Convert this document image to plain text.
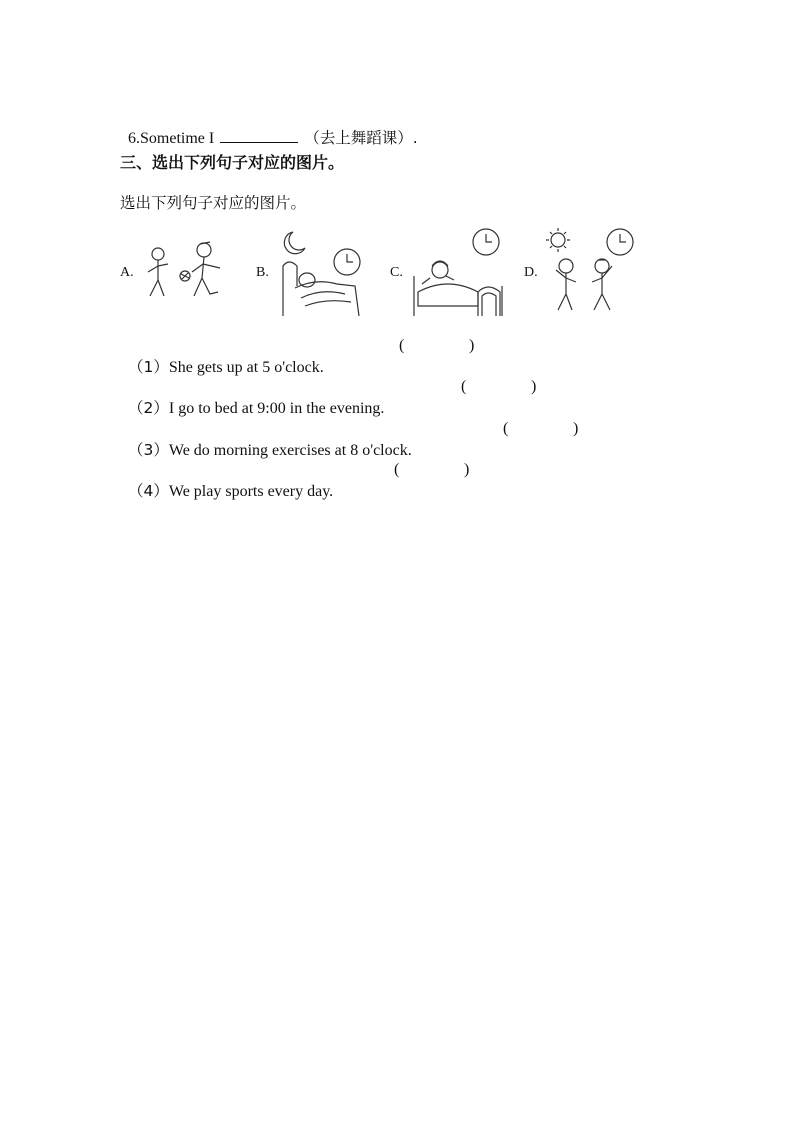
6.Sometime I	（去上舞蹈课）.

三、选出下列句子对应的图片。
选出下列句子对应的图片。
A.	B.	C.	D.

（1）She gets up at 5 o'clock.

(	)

（2）I go to bed at 9:00 in the evening.

(	)

（3）We do morning exercises at 8 o'clock.

(	)

（4）We play sports every day.

(	)
